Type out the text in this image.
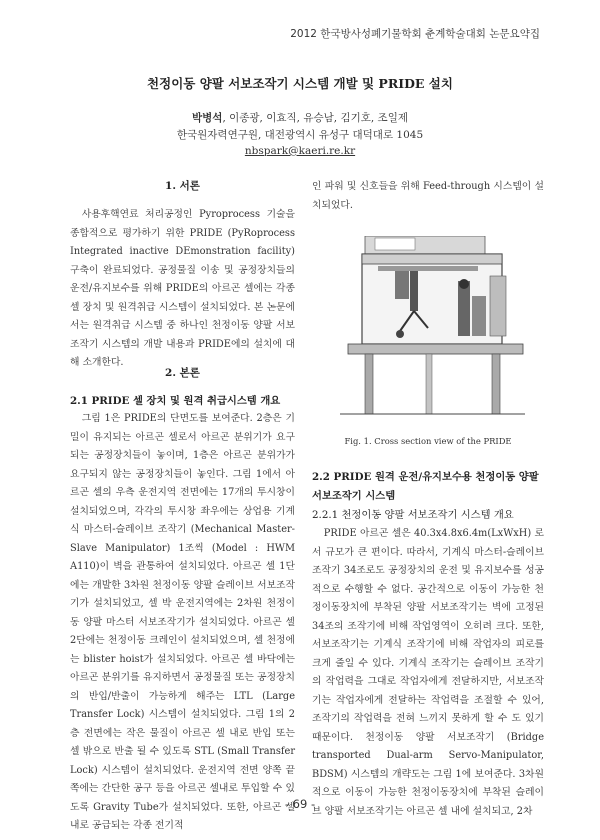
2012 한국방사성폐기물학회 춘계학술대회 논문요약집
천정이동 양팔 서보조작기 시스템 개발 및 PRIDE 설치
박병석, 이종광, 이효직, 유승남, 김기호, 조일제
한국원자력연구원, 대전광역시 유성구 대덕대로 1045
nbspark@kaeri.re.kr
1. 서론

사용후핵연료 처리공정인 Pyroprocess 기술을 종합적으로 평가하기 위한 PRIDE (PyRoprocess Integrated inactive DEmonstration facility) 구축이 완료되었다. 공정물질 이송 및 공정장치들의 운전/유지보수를 위해 PRIDE의 아르곤 셀에는 각종 셀 장치 및 원격취급 시스템이 설치되었다. 본 논문에서는 원격취급 시스템 중 하나인 천정이동 양팔 서보조작기 시스템의 개발 내용과 PRIDE에의 설치에 대해 소개한다.

2. 본론
2.1 PRIDE 셀 장치 및 원격 취급시스템 개요

그림 1은 PRIDE의 단면도를 보여준다. 2층은 기밀이 유지되는 아르곤 셀로서 아르곤 분위기가 요구되는 공정장치들이 놓이며, 1층은 아르곤 분위가가 요구되지 않는 공정장치들이 놓인다. 그림 1에서 아르곤 셀의 우측 운전지역 전면에는 17개의 투시창이 설치되었으며, 각각의 투시창 좌우에는 상업용 기계식 마스터-슬레이브 조작기 (Mechanical Master-Slave Manipulator) 1조씩 (Model : HWM A110)이 벽을 관통하여 설치되었다. 아르곤 셀 1단에는 개발한 3차원 천정이동 양팔 슬레이브 서보조작기가 설치되었고, 셀 박 운전지역에는 2차원 천정이동 양팔 마스터 서보조작기가 설치되었다. 아르곤 셀 2단에는 천정이동 크레인이 설치되었으며, 셀 천정에는 blister hoist가 설치되었다. 아르곤 셀 바닥에는 아르곤 분위기를 유지하면서 공정물질 또는 공정장치의 반입/반출이 가능하게 해주는 LTL (Large Transfer Lock) 시스템이 설치되었다. 그림 1의 2층 전면에는 작은 물질이 아르곤 셀 내로 반입 또는 셀 밖으로 반출 될 수 있도록 STL (Small Transfer Lock) 시스템이 설치되었다. 운전지역 전면 양쪽 끝 쪽에는 간단한 공구 등을 아르곤 셀내로 투입할 수 있도록 Gravity Tube가 설치되었다. 또한, 아르곤 셀내로 공급되는 각종 전기적

인 파워 및 신호들을 위해 Feed-through 시스템이 설치되었다.

Fig. 1. Cross section view of the PRIDE
2.2 PRIDE 원격 운전/유지보수용 천정이동 양팔 서보조작기 시스템
2.2.1 천정이동 양팔 서보조작기 시스템 개요

PRIDE 아르곤 셀은 40.3x4.8x6.4m(LxWxH) 로서 규모가 큰 편이다. 따라서, 기계식 마스터-슬레이브 조작기 34조로도 공정장치의 운전 및 유지보수를 성공적으로 수행할 수 없다. 공간적으로 이동이 가능한 천정이동장치에 부착된 양팔 서보조작기는 벽에 고정된 34조의 조작기에 비해 작업영역이 오히려 크다. 또한, 서보조작기는 기계식 조작기에 비해 작업자의 피로를 크게 줄일 수 있다. 기계식 조작기는 슬레이브 조작기의 작업력을 그대로 작업자에게 전달하지만, 서보조작기는 작업자에게 전달하는 작업력을 조절할 수 있어, 조작기의 작업력을 전혀 느끼지 못하게 할 수 도 있기 때문이다. 천정이동 양팔 서보조작기 (Bridge transported Dual-arm Servo-Manipulator, BDSM) 시스템의 개략도는 그림 1에 보여준다. 3차원적으로 이동이 가능한 천정이동장치에 부착된 슬레이브 양팔 서보조작기는 아르곤 셀 내에 설치되고, 2차

- 69 -
